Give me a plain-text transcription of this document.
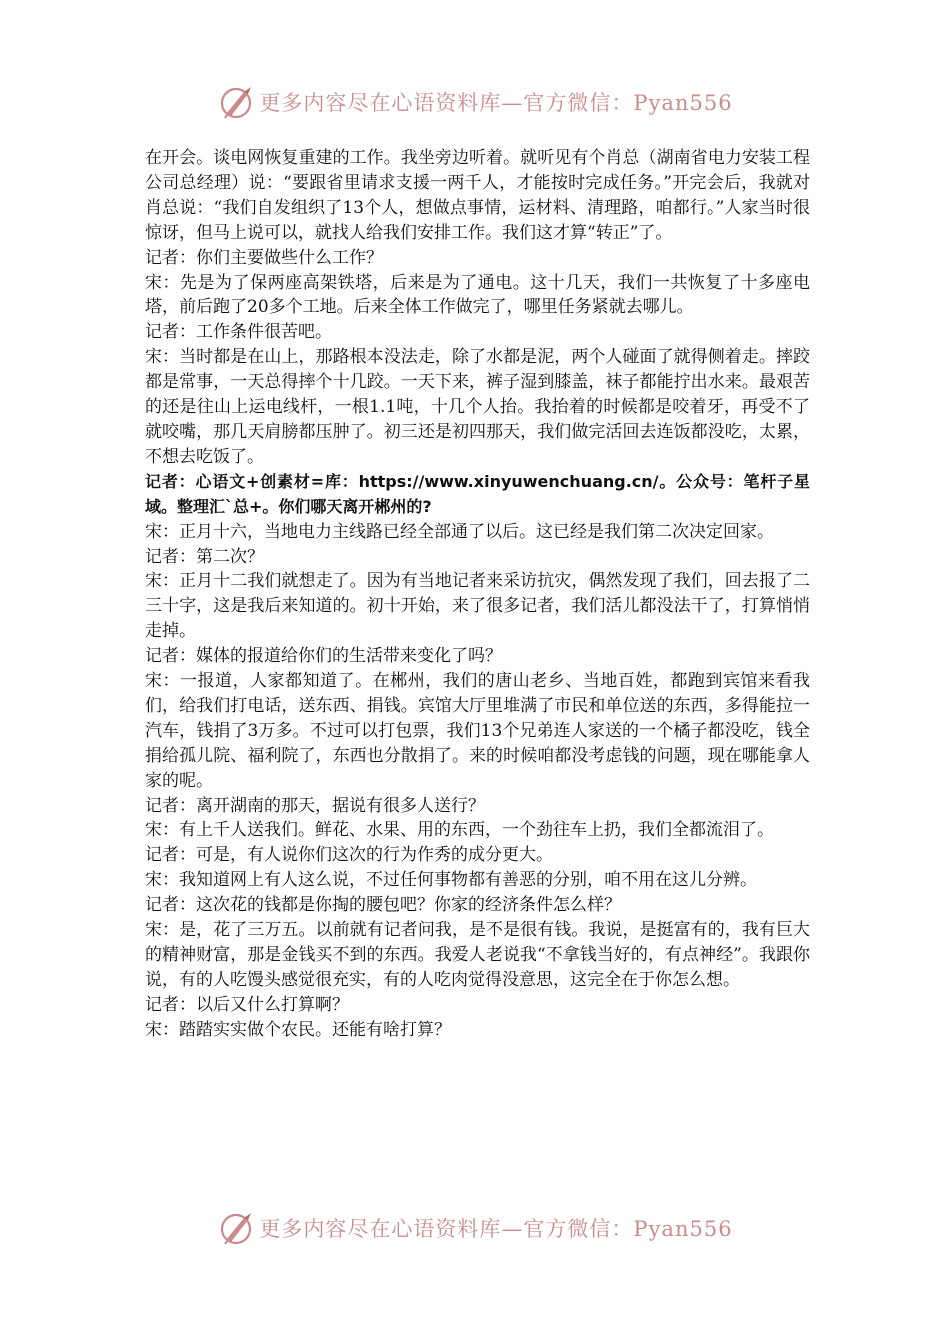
更多内容尽在心语资料库—官方微信：Pyan556

在开会。谈电网恢复重建的工作。我坐旁边听着。就听见有个肖总（湖南省电力安装工程公司总经理）说：“要跟省里请求支援一两千人，才能按时完成任务。”开完会后，我就对肖总说：“我们自发组织了13个人，想做点事情，运材料、清理路，咱都行。”人家当时很惊讶，但马上说可以，就找人给我们安排工作。我们这才算“转正”了。

记者：你们主要做些什么工作？

宋：先是为了保两座高架铁塔，后来是为了通电。这十几天，我们一共恢复了十多座电塔，前后跑了20多个工地。后来全体工作做完了，哪里任务紧就去哪儿。

记者：工作条件很苦吧。

宋：当时都是在山上，那路根本没法走，除了水都是泥，两个人碰面了就得侧着走。摔跤都是常事，一天总得摔个十几跤。一天下来，裤子湿到膝盖，袜子都能拧出水来。最艰苦的还是往山上运电线杆，一根1.1吨，十几个人抬。我抬着的时候都是咬着牙，再受不了就咬嘴，那几天肩膀都压肿了。初三还是初四那天，我们做完活回去连饭都没吃，太累，不想去吃饭了。

记者：心语文+创素材=库：https://www.xinyuwenchuang.cn/。公众号：笔杆子星域。整理汇`总+。你们哪天离开郴州的?

宋：正月十六，当地电力主线路已经全部通了以后。这已经是我们第二次决定回家。

记者：第二次？

宋：正月十二我们就想走了。因为有当地记者来采访抗灾，偶然发现了我们，回去报了二三十字，这是我后来知道的。初十开始，来了很多记者，我们活儿都没法干了，打算悄悄走掉。

记者：媒体的报道给你们的生活带来变化了吗？

宋：一报道，人家都知道了。在郴州，我们的唐山老乡、当地百姓，都跑到宾馆来看我们，给我们打电话，送东西、捐钱。宾馆大厅里堆满了市民和单位送的东西，多得能拉一汽车，钱捐了3万多。不过可以打包票，我们13个兄弟连人家送的一个橘子都没吃，钱全捐给孤儿院、福利院了，东西也分散捐了。来的时候咱都没考虑钱的问题，现在哪能拿人家的呢。

记者：离开湖南的那天，据说有很多人送行？

宋：有上千人送我们。鲜花、水果、用的东西，一个劲往车上扔，我们全都流泪了。

记者：可是，有人说你们这次的行为作秀的成分更大。

宋：我知道网上有人这么说，不过任何事物都有善恶的分别，咱不用在这儿分辨。

记者：这次花的钱都是你掏的腰包吧？你家的经济条件怎么样？

宋：是，花了三万五。以前就有记者问我，是不是很有钱。我说，是挺富有的，我有巨大的精神财富，那是金钱买不到的东西。我爱人老说我“不拿钱当好的，有点神经”。我跟你说，有的人吃馒头感觉很充实，有的人吃肉觉得没意思，这完全在于你怎么想。

记者：以后又什么打算啊？

宋：踏踏实实做个农民。还能有啥打算？

更多内容尽在心语资料库—官方微信：Pyan556
